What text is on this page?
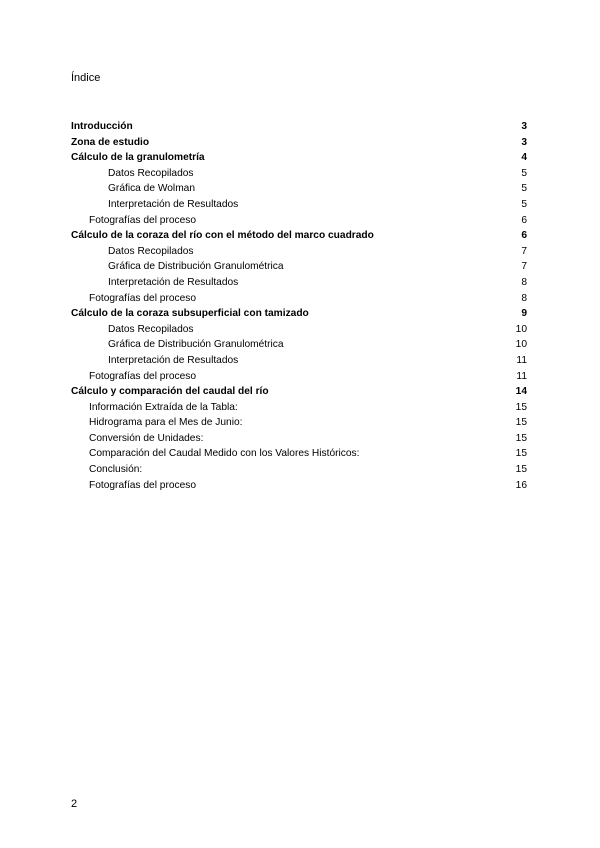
Índice
Introducción	3
Zona de estudio	3
Cálculo de la granulometría	4
Datos Recopilados	5
Gráfica de Wolman	5
Interpretación de Resultados	5
Fotografías del proceso	6
Cálculo de la coraza del río con el método del marco cuadrado	6
Datos Recopilados	7
Gráfica de Distribución Granulométrica	7
Interpretación de Resultados	8
Fotografías del proceso	8
Cálculo de la coraza subsuperficial con tamizado	9
Datos Recopilados	10
Gráfica de Distribución Granulométrica	10
Interpretación de Resultados	11
Fotografías del proceso	11
Cálculo y comparación del caudal del río	14
Información Extraída de la Tabla:	15
Hidrograma para el Mes de Junio:	15
Conversión de Unidades:	15
Comparación del Caudal Medido con los Valores Históricos:	15
Conclusión:	15
Fotografías del proceso	16
2
